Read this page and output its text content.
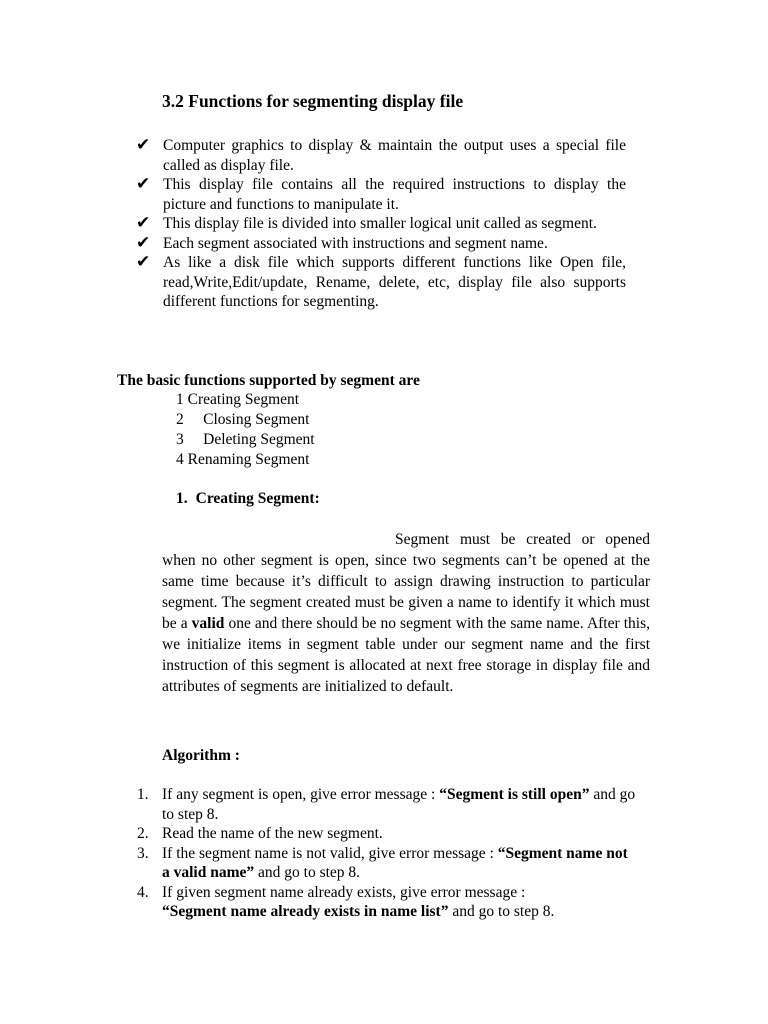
3.2 Functions for segmenting display file
✔ Computer graphics to display & maintain the output uses a special file called as display file.
✔ This display file contains all the required instructions to display the picture and functions to manipulate it.
✔ This display file is divided into smaller logical unit called as segment.
✔ Each segment associated with instructions and segment name.
✔ As like a disk file which supports different functions like Open file, read,Write,Edit/update, Rename, delete, etc, display file also supports different functions for segmenting.

The basic functions supported by segment are

1 Creating Segment
2 Closing Segment
3 Deleting Segment
4 Renaming Segment

1. Creating Segment:

Segment must be created or opened when no other segment is open, since two segments can’t be opened at the same time because it’s difficult to assign drawing instruction to particular segment. The segment created must be given a name to identify it which must be a valid one and there should be no segment with the same name. After this, we initialize items in segment table under our segment name and the first instruction of this segment is allocated at next free storage in display file and attributes of segments are initialized to default.

Algorithm :

1. If any segment is open, give error message : “Segment is still open” and go to step 8.
2. Read the name of the new segment.
3. If the segment name is not valid, give error message : “Segment name not a valid name” and go to step 8.
4. If given segment name already exists, give error message :
“Segment name already exists in name list” and go to step 8.
